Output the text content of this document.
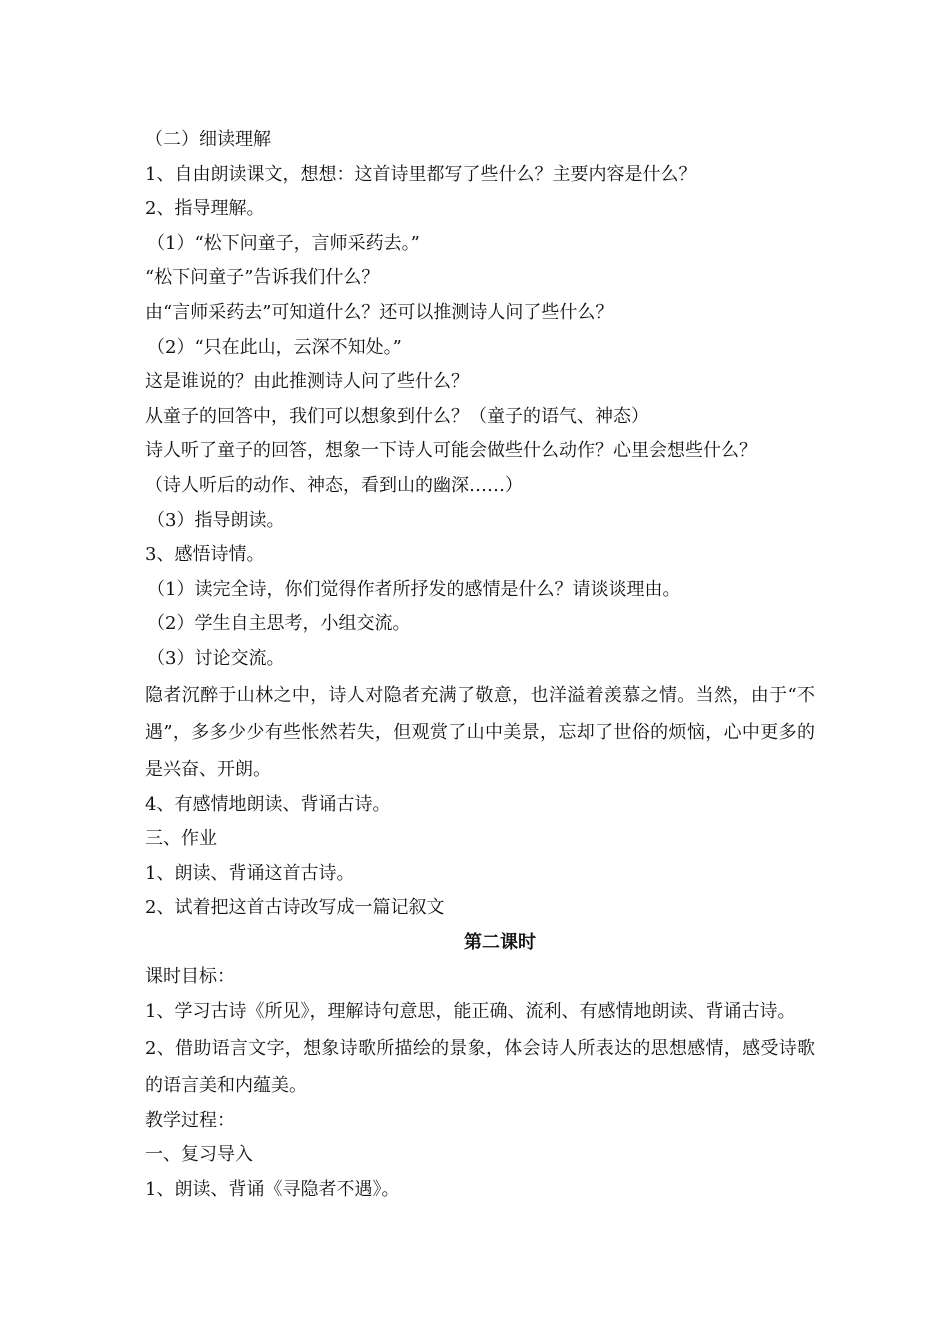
（二）细读理解
1、自由朗读课文，想想：这首诗里都写了些什么？主要内容是什么？
2、指导理解。
（1）“松下问童子，言师采药去。”
“松下问童子”告诉我们什么？
由“言师采药去”可知道什么？还可以推测诗人问了些什么？
（2）“只在此山，云深不知处。”
这是谁说的？由此推测诗人问了些什么？
从童子的回答中，我们可以想象到什么？（童子的语气、神态）
诗人听了童子的回答，想象一下诗人可能会做些什么动作？心里会想些什么？
（诗人听后的动作、神态，看到山的幽深……）
（3）指导朗读。
3、感悟诗情。
（1）读完全诗，你们觉得作者所抒发的感情是什么？请谈谈理由。
（2）学生自主思考，小组交流。
（3）讨论交流。
隐者沉醉于山林之中，诗人对隐者充满了敬意，也洋溢着羡慕之情。当然，由于“不遇”，多多少少有些怅然若失，但观赏了山中美景，忘却了世俗的烦恼，心中更多的是兴奋、开朗。
4、有感情地朗读、背诵古诗。
三、作业
1、朗读、背诵这首古诗。
2、试着把这首古诗改写成一篇记叙文
第二课时
课时目标：
1、学习古诗《所见》，理解诗句意思，能正确、流利、有感情地朗读、背诵古诗。
2、借助语言文字，想象诗歌所描绘的景象，体会诗人所表达的思想感情，感受诗歌的语言美和内蕴美。
教学过程：
一、复习导入
1、朗读、背诵《寻隐者不遇》。
